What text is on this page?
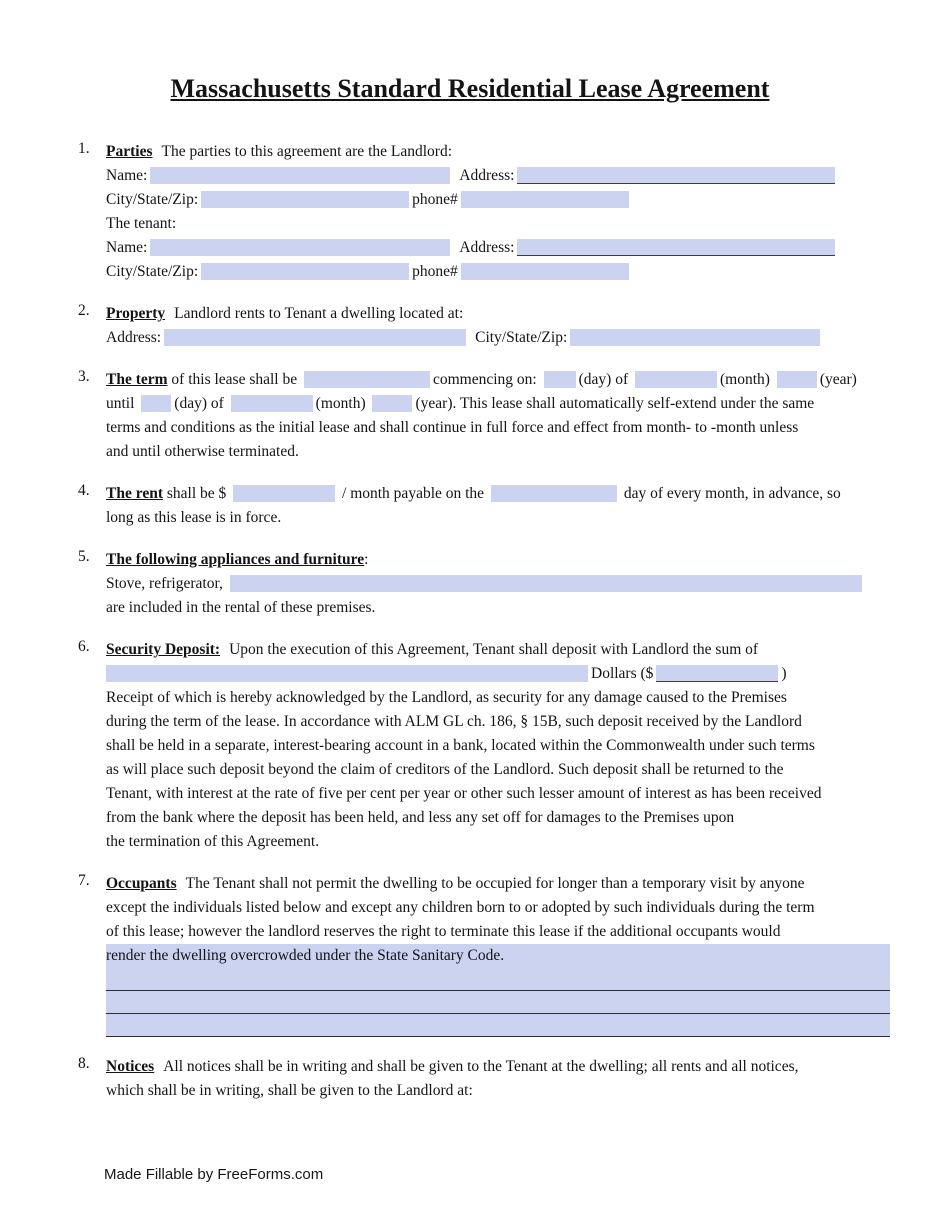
Massachusetts Standard Residential Lease Agreement
1.	Parties The parties to this agreement are the Landlord:
Name:	Address:
City/State/Zip:	phone#
The tenant:
Name:	Address:
City/State/Zip:	phone#
2.	Property Landlord rents to Tenant a dwelling located at:
Address:	City/State/Zip:
3.	The term of this lease shall be	commencing on: (day) of	(month)	(year)
until (day) of	(month)	(year). This lease shall automatically self-extend under the same
terms and conditions as the initial lease and shall continue in full force and effect from month- to -month unless
and until otherwise terminated.
4.	The rent shall be $	/ month payable on the	day of every month, in advance, so
long as this lease is in force.
5.	The following appliances and furniture:
Stove, refrigerator,
are included in the rental of these premises.
6.	Security Deposit: Upon the execution of this Agreement, Tenant shall deposit with Landlord the sum of
Dollars ($	)
Receipt of which is hereby acknowledged by the Landlord, as security for any damage caused to the Premises
during the term of the lease. In accordance with ALM GL ch. 186, § 15B, such deposit received by the Landlord
shall be held in a separate, interest-bearing account in a bank, located within the Commonwealth under such terms
as will place such deposit beyond the claim of creditors of the Landlord. Such deposit shall be returned to the
Tenant, with interest at the rate of five per cent per year or other such lesser amount of interest as has been received
from the bank where the deposit has been held, and less any set off for damages to the Premises upon
the termination of this Agreement.
7.	Occupants The Tenant shall not permit the dwelling to be occupied for longer than a temporary visit by anyone
except the individuals listed below and except any children born to or adopted by such individuals during the term
of this lease; however the landlord reserves the right to terminate this lease if the additional occupants would
render the dwelling overcrowded under the State Sanitary Code.
8.	Notices All notices shall be in writing and shall be given to the Tenant at the dwelling; all rents and all notices,
which shall be in writing, shall be given to the Landlord at:
Made Fillable by FreeForms.com
